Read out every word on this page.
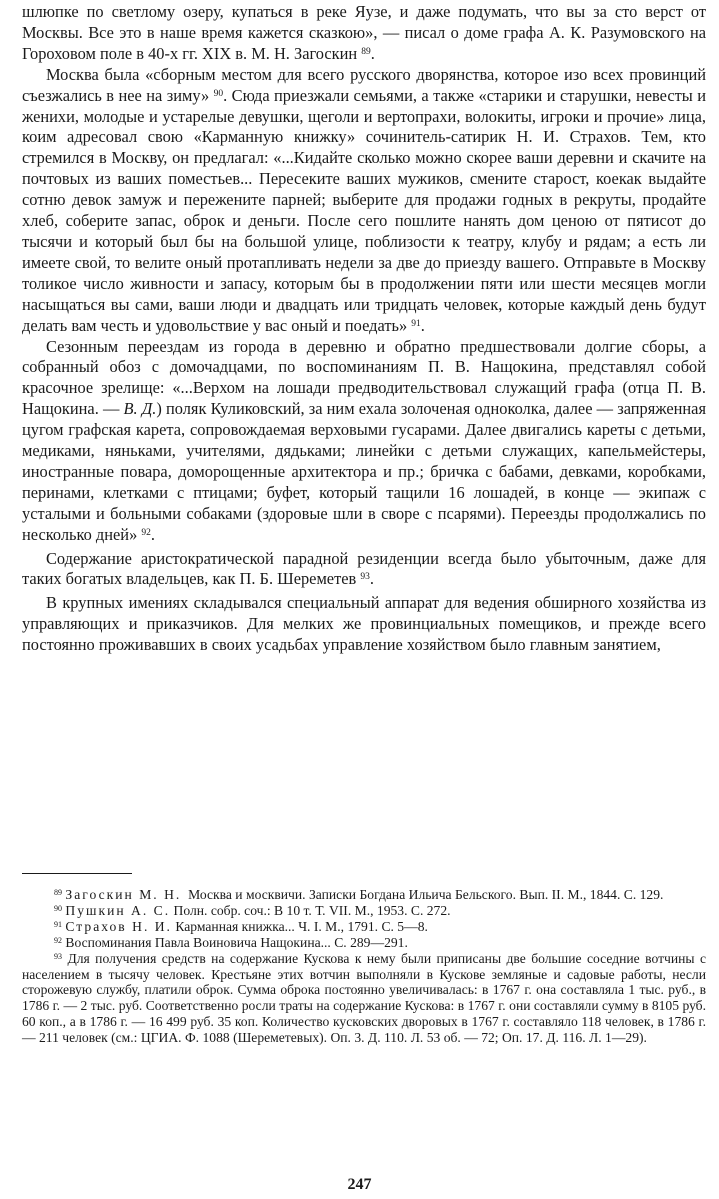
шлюпке по светлому озеру, купаться в реке Яузе, и даже подумать, что вы за сто верст от Москвы. Все это в наше время кажется сказкою», — писал о доме графа А. К. Разумовского на Гороховом поле в 40-х гг. XIX в. М. Н. Загоскин $^{89}$.

Москва была «сборным местом для всего русского дворянства, которое изо всех провинций съезжались в нее на зиму» $^{90}$. Сюда приезжали семьями, а также «старики и старушки, невесты и женихи, молодые и устарелые девушки, щеголи и вертопрахи, волокиты, игроки и прочие» лица, коим адресовал свою «Карманную книжку» сочинитель-сатирик Н. И. Страхов. Тем, кто стремился в Москву, он предлагал: «...Кидайте сколько можно скорее ваши деревни и скачите на почтовых из ваших поместьев... Пересеките ваших мужиков, смените старост, коекак выдайте сотню девок замуж и пережените парней; выберите для продажи годных в рекруты, продайте хлеб, соберите запас, оброк и деньги. После сего пошлите нанять дом ценою от пятисот до тысячи и который был бы на большой улице, поблизости к театру, клубу и рядам; а есть ли имеете свой, то велите оный протапливать недели за две до приезду вашего. Отправьте в Москву толикое число живности и запасу, которым бы в продолжении пяти или шести месяцев могли насыщаться вы сами, ваши люди и двадцать или тридцать человек, которые каждый день будут делать вам честь и удовольствие у вас оный и поедать» $^{91}$.

Сезонным переездам из города в деревню и обратно предшествовали долгие сборы, а собранный обоз с домочадцами, по воспоминаниям П. В. Нащокина, представлял собой красочное зрелище: «...Верхом на лошади предводительствовал служащий графа (отца П. В. Нащокина. — В. Д.) поляк Куликовский, за ним ехала золоченая одноколка, далее — запряженная цугом графская карета, сопровождаемая верховыми гусарами. Далее двигались кареты с детьми, медиками, няньками, учителями, дядьками; линейки с детьми служащих, капельмейстеры, иностранные повара, доморощенные архитектора и пр.; бричка с бабами, девками, коробками, перинами, клетками с птицами; буфет, который тащили 16 лошадей, в конце — экипаж с усталыми и больными собаками (здоровые шли в своре с псарями). Переезды продолжались по несколько дней» $^{92}$.

Содержание аристократической парадной резиденции всегда было убыточным, даже для таких богатых владельцев, как П. Б. Шереметев $^{93}$.

В крупных имениях складывался специальный аппарат для ведения обширного хозяйства из управляющих и приказчиков. Для мелких же провинциальных помещиков, и прежде всего постоянно проживавших в своих усадьбах управление хозяйством было главным занятием,

$^{89}$ Загоскин М. Н. Москва и москвичи. Записки Богдана Ильича Бельского. Вып. II. М., 1844. С. 129.

$^{90}$ Пушкин А. С. Полн. собр. соч.: В 10 т. Т. VII. М., 1953. С. 272.

$^{91}$ Страхов Н. И. Карманная книжка... Ч. I. М., 1791. С. 5—8.

$^{92}$ Воспоминания Павла Воиновича Нащокина... С. 289—291.

$^{93}$ Для получения средств на содержание Кускова к нему были приписаны две большие соседние вотчины с населением в тысячу человек. Крестьяне этих вотчин выполняли в Кускове земляные и садовые работы, несли сторожевую службу, платили оброк. Сумма оброка постоянно увеличивалась: в 1767 г. она составляла 1 тыс. руб., в 1786 г. — 2 тыс. руб. Соответственно росли траты на содержание Кускова: в 1767 г. они составляли сумму в 8105 руб. 60 коп., а в 1786 г. — 16 499 руб. 35 коп. Количество кусковских дворовых в 1767 г. составляло 118 человек, в 1786 г. — 211 человек (см.: ЦГИА. Ф. 1088 (Шереметевых). Оп. 3. Д. 110. Л. 53 об. — 72; Оп. 17. Д. 116. Л. 1—29).

247
